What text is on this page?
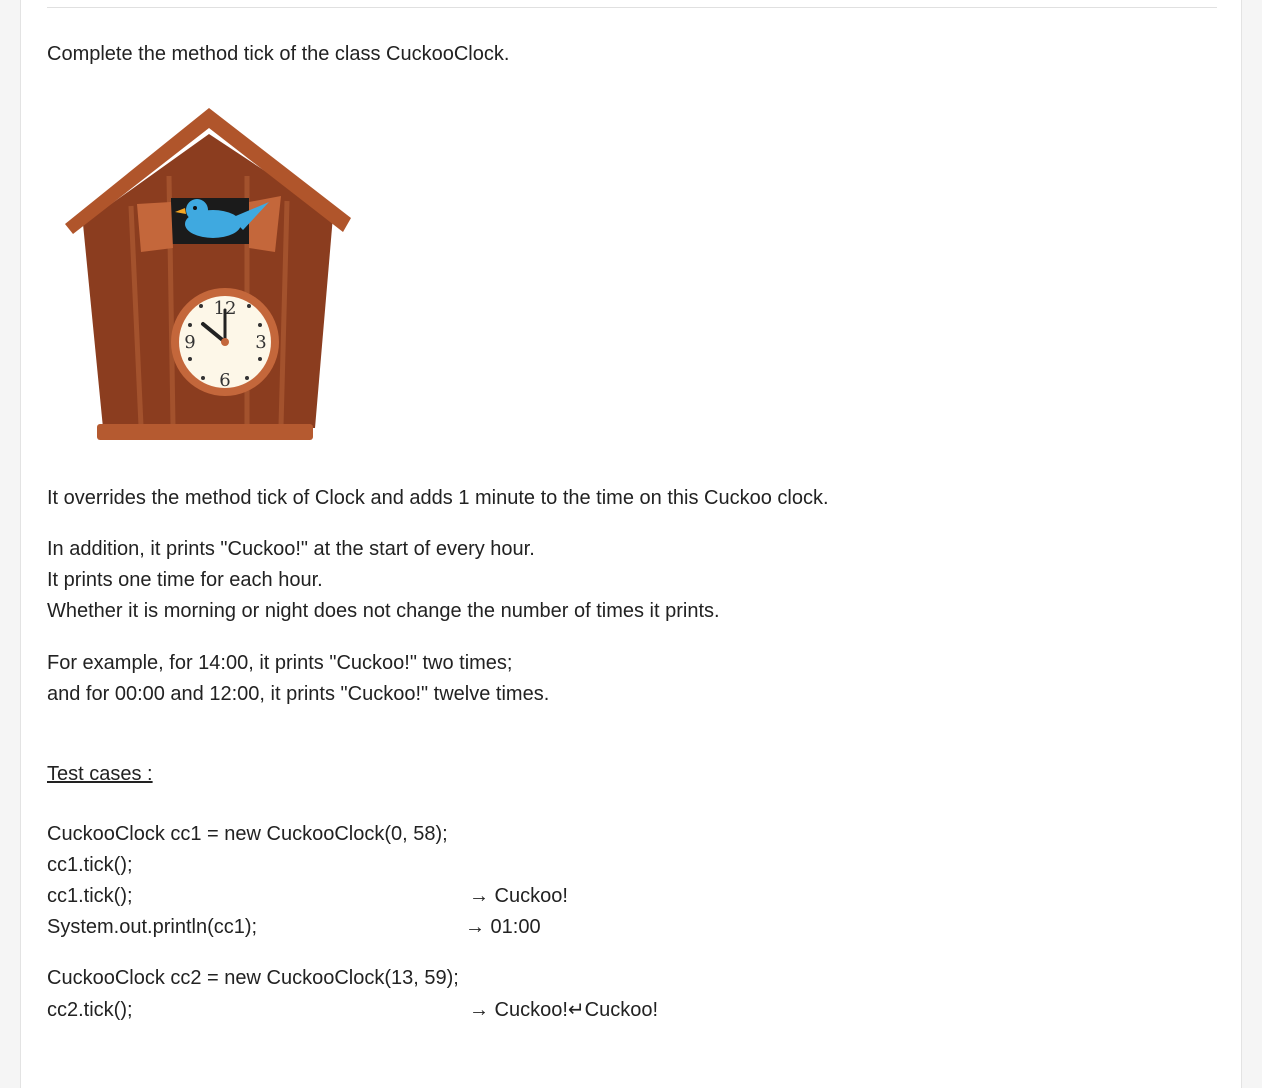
Complete the method tick of the class CuckooClock.
12
3
6
9
It overrides the method tick of Clock and adds 1 minute to the time on this Cuckoo clock.
In addition, it prints "Cuckoo!" at the start of every hour.
It prints one time for each hour.
Whether it is morning or night does not change the number of times it prints.
For example, for 14:00, it prints "Cuckoo!" two times;
and for 00:00 and 12:00, it prints "Cuckoo!" twelve times.
Test cases :
CuckooClock cc1 = new CuckooClock(0, 58);
cc1.tick();
cc1.tick();
System.out.println(cc1);
CuckooClock cc2 = new CuckooClock(13, 59);
cc2.tick();
→ Cuckoo!
→ 01:00
→ Cuckoo!↵Cuckoo!
